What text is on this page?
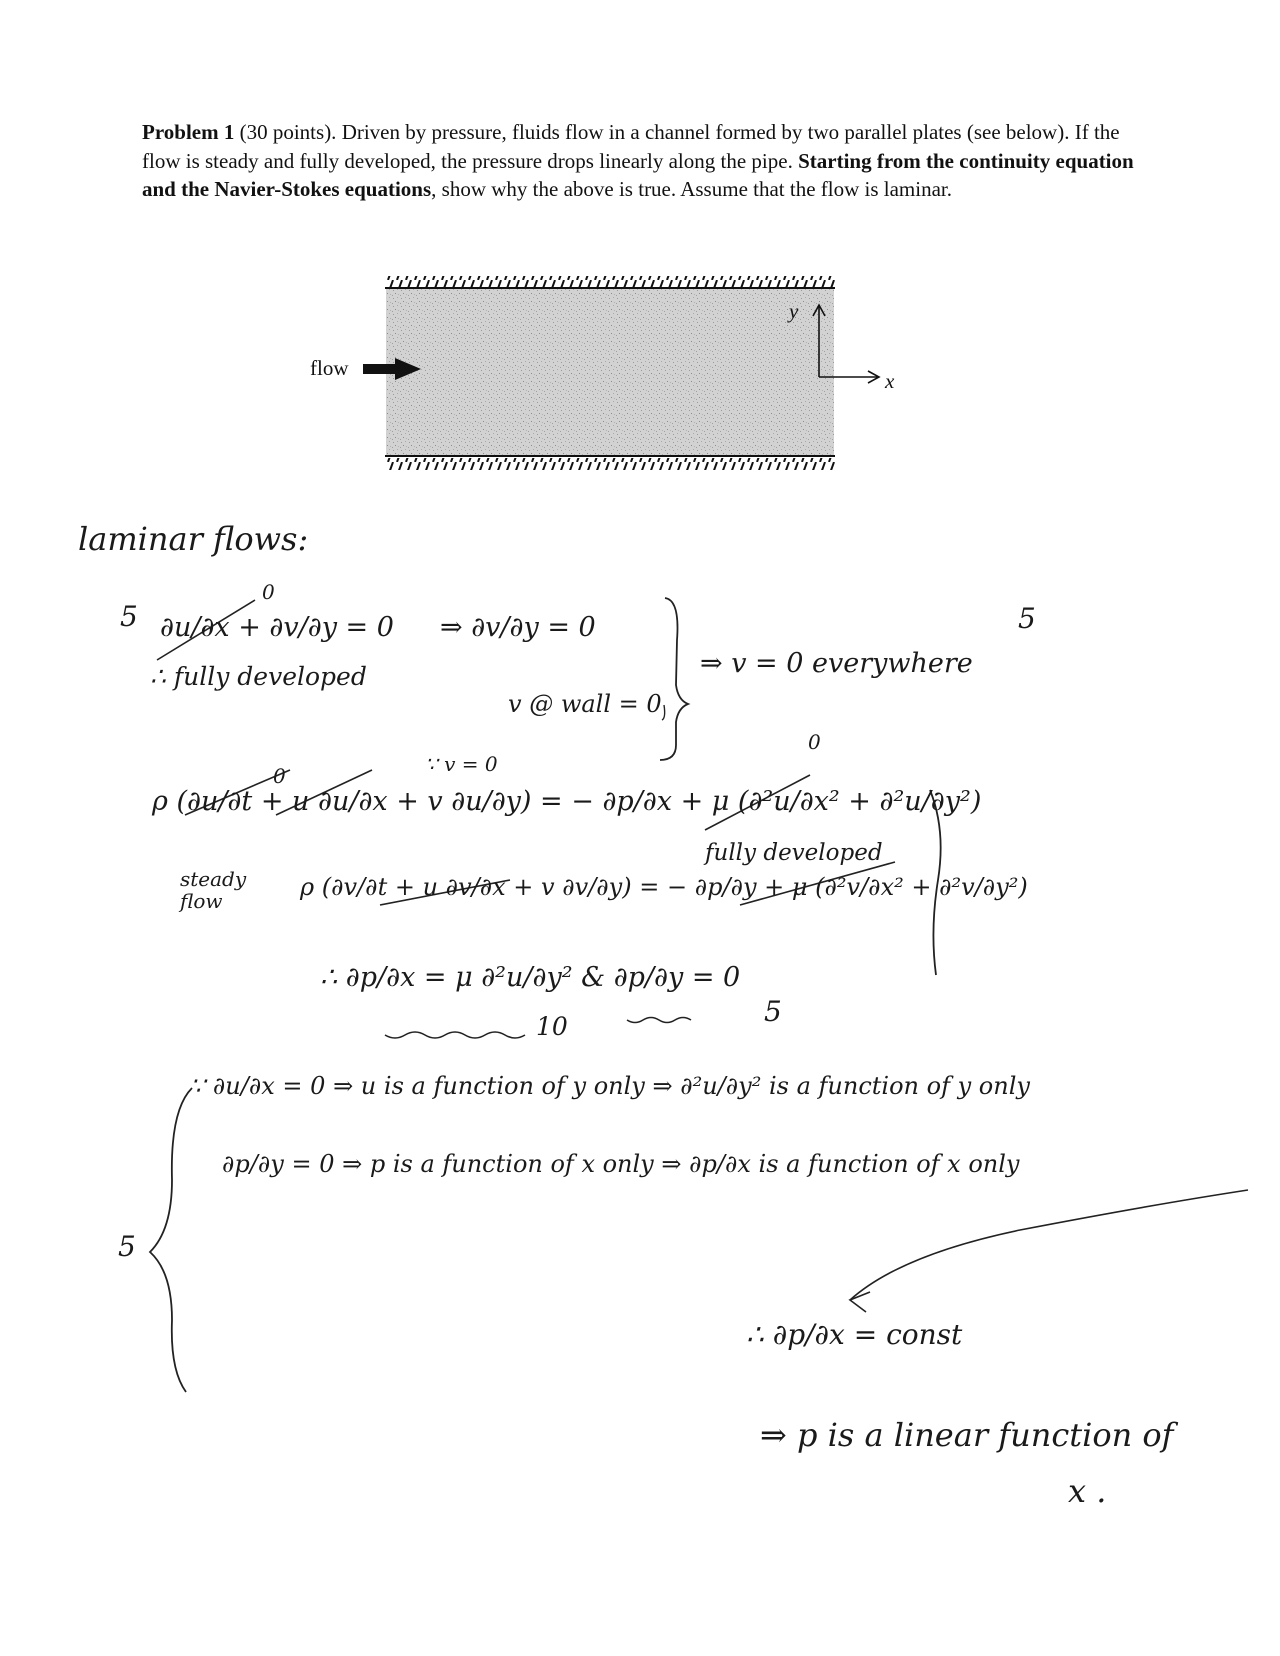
Problem 1 (30 points). Driven by pressure, fluids flow in a channel formed by two parallel plates (see below). If the flow is steady and fully developed, the pressure drops linearly along the pipe. Starting from the continuity equation and the Navier-Stokes equations, show why the above is true. Assume that the flow is laminar.
flow
y
x
laminar flows:
5
0
∂u/∂x + ∂v/∂y = 0
∴ fully developed
⇒ ∂v/∂y = 0
v @ wall = 0
⇒ v = 0 everywhere
5
0
∵ v = 0
0
ρ (∂u/∂t + u ∂u/∂x + v ∂u/∂y) = − ∂p/∂x + μ (∂²u/∂x² + ∂²u/∂y²)
fully developed
steady flow	ρ (∂v/∂t + u ∂v/∂x + v ∂v/∂y) = − ∂p/∂y + μ (∂²v/∂x² + ∂²v/∂y²)
∴ ∂p/∂x = μ ∂²u/∂y² & ∂p/∂y = 0
10	5
∵ ∂u/∂x = 0 ⇒ u is a function of y only ⇒ ∂²u/∂y² is a function of y only
∂p/∂y = 0 ⇒ p is a function of x only ⇒ ∂p/∂x is a function of x only
5
∴ ∂p/∂x = const
⇒ p is a linear function of
x .
